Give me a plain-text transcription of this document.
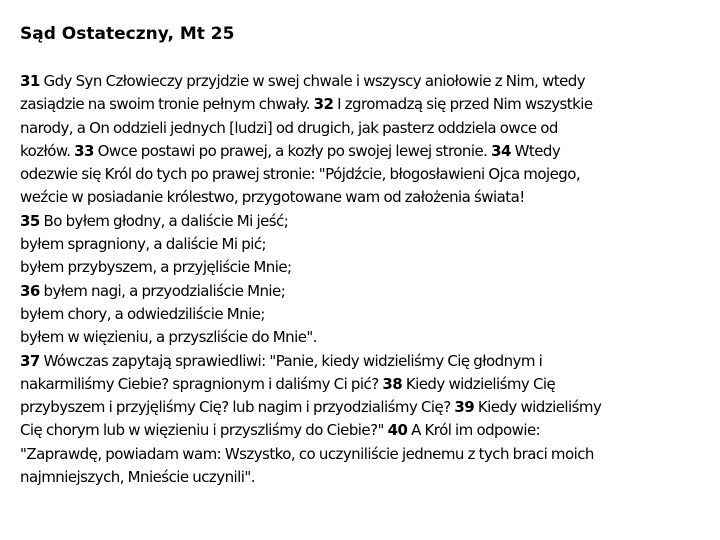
Sąd Ostateczny, Mt 25
31 Gdy Syn Człowieczy przyjdzie w swej chwale i wszyscy aniołowie z Nim, wtedy
zasiądzie na swoim tronie pełnym chwały. 32 I zgromadzą się przed Nim wszystkie
narody, a On oddzieli jednych [ludzi] od drugich, jak pasterz oddziela owce od
kozłów. 33 Owce postawi po prawej, a kozły po swojej lewej stronie. 34 Wtedy
odezwie się Król do tych po prawej stronie: "Pójdźcie, błogosławieni Ojca mojego,
weźcie w posiadanie królestwo, przygotowane wam od założenia świata!
35 Bo byłem głodny, a daliście Mi jeść;
byłem spragniony, a daliście Mi pić;
byłem przybyszem, a przyjęliście Mnie;
36 byłem nagi, a przyodzialiście Mnie;
byłem chory, a odwiedziliście Mnie;
byłem w więzieniu, a przyszliście do Mnie".
37 Wówczas zapytają sprawiedliwi: "Panie, kiedy widzieliśmy Cię głodnym i
nakarmiliśmy Ciebie? spragnionym i daliśmy Ci pić? 38 Kiedy widzieliśmy Cię
przybyszem i przyjęliśmy Cię? lub nagim i przyodzialiśmy Cię? 39 Kiedy widzieliśmy
Cię chorym lub w więzieniu i przyszliśmy do Ciebie?" 40 A Król im odpowie:
"Zaprawdę, powiadam wam: Wszystko, co uczyniliście jednemu z tych braci moich
najmniejszych, Mnieście uczynili".
